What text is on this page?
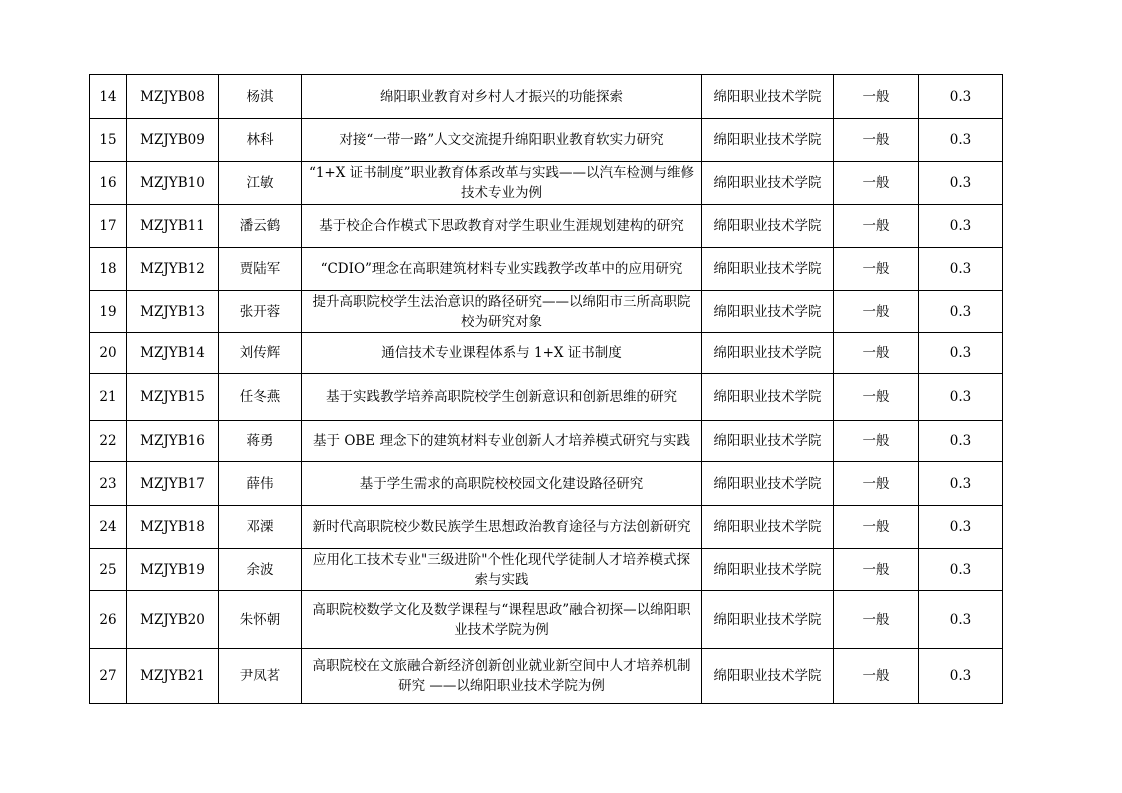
14	MZJYB08	杨淇	绵阳职业教育对乡村人才振兴的功能探索	绵阳职业技术学院	一般	0.3
15	MZJYB09	林科	对接“一带一路”人文交流提升绵阳职业教育软实力研究	绵阳职业技术学院	一般	0.3
16	MZJYB10	江敏	“1+X 证书制度”职业教育体系改革与实践——以汽车检测与维修技术专业为例	绵阳职业技术学院	一般	0.3
17	MZJYB11	潘云鹤	基于校企合作模式下思政教育对学生职业生涯规划建构的研究	绵阳职业技术学院	一般	0.3
18	MZJYB12	贾陆军	“CDIO”理念在高职建筑材料专业实践教学改革中的应用研究	绵阳职业技术学院	一般	0.3
19	MZJYB13	张开蓉	提升高职院校学生法治意识的路径研究——以绵阳市三所高职院校为研究对象	绵阳职业技术学院	一般	0.3
20	MZJYB14	刘传辉	通信技术专业课程体系与 1+X 证书制度	绵阳职业技术学院	一般	0.3
21	MZJYB15	任冬燕	基于实践教学培养高职院校学生创新意识和创新思维的研究	绵阳职业技术学院	一般	0.3
22	MZJYB16	蒋勇	基于 OBE 理念下的建筑材料专业创新人才培养模式研究与实践	绵阳职业技术学院	一般	0.3
23	MZJYB17	薛伟	基于学生需求的高职院校校园文化建设路径研究	绵阳职业技术学院	一般	0.3
24	MZJYB18	邓溧	新时代高职院校少数民族学生思想政治教育途径与方法创新研究	绵阳职业技术学院	一般	0.3
25	MZJYB19	余波	应用化工技术专业"三级进阶"个性化现代学徒制人才培养模式探索与实践	绵阳职业技术学院	一般	0.3
26	MZJYB20	朱怀朝	高职院校数学文化及数学课程与“课程思政”融合初探—以绵阳职业技术学院为例	绵阳职业技术学院	一般	0.3
27	MZJYB21	尹凤茗	高职院校在文旅融合新经济创新创业就业新空间中人才培养机制研究 ——以绵阳职业技术学院为例	绵阳职业技术学院	一般	0.3
